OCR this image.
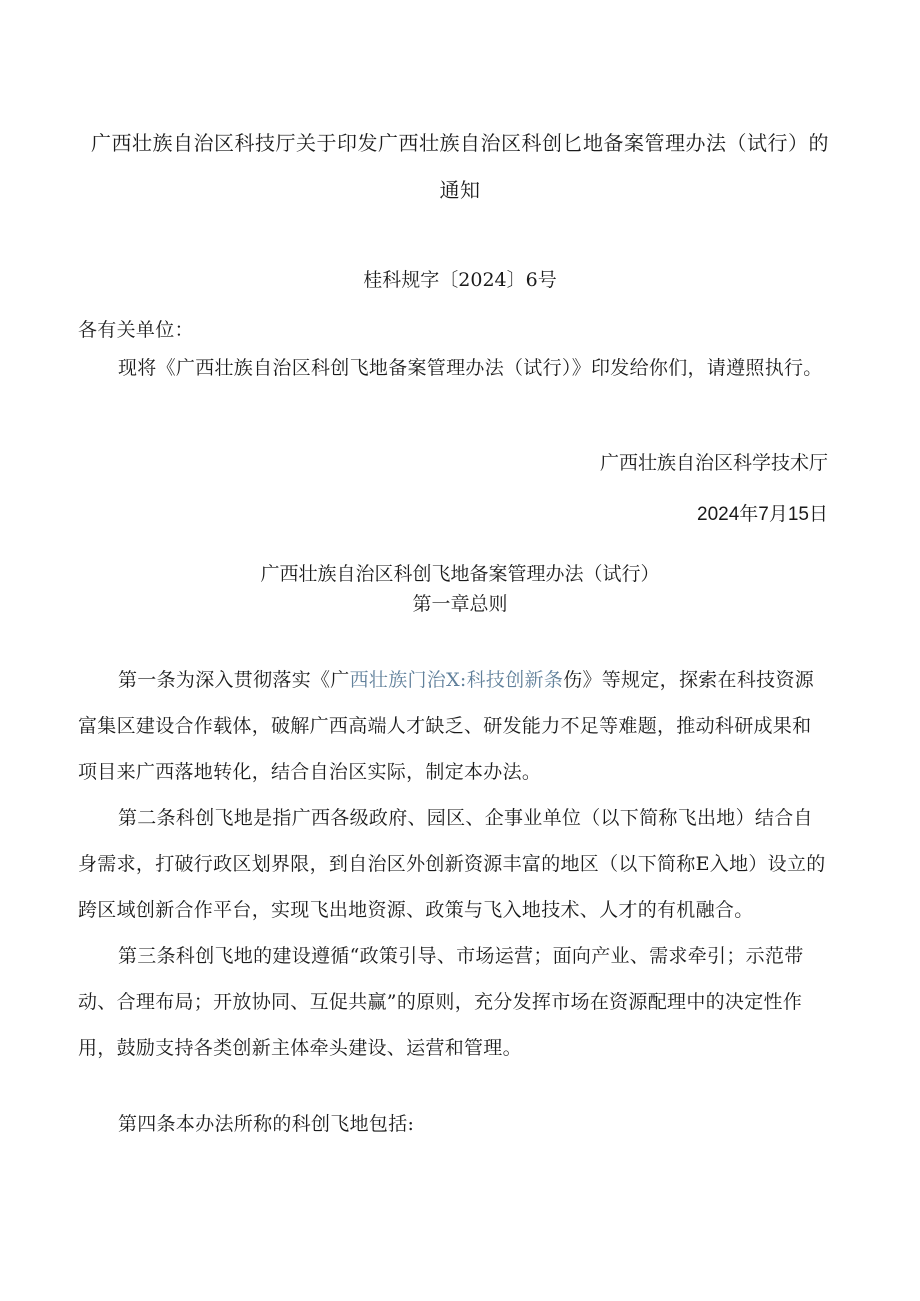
广西壮族自治区科技厅关于印发广西壮族自治区科创匕地备案管理办法（试行）的
通知
桂科规字〔2024〕6号

各有关单位：

现将《广西壮族自治区科创飞地备案管理办法（试行）》印发给你们，请遵照执行。

广西壮族自治区科学技术厅
2024年7月15日
广西壮族自治区科创飞地备案管理办法（试行）
第一章总则

第一条为深入贯彻落实《广西壮族门治X:科技创新条伤》等规定，探索在科技资源富集区建设合作载体，破解广西高端人才缺乏、研发能力不足等难题，推动科研成果和项目来广西落地转化，结合自治区实际，制定本办法。

第二条科创飞地是指广西各级政府、园区、企事业单位（以下简称飞出地）结合自身需求，打破行政区划界限，到自治区外创新资源丰富的地区（以下简称E入地）设立的跨区域创新合作平台，实现飞出地资源、政策与飞入地技术、人才的有机融合。

第三条科创飞地的建设遵循“政策引导、市场运营；面向产业、需求牵引；示范带动、合理布局；开放协同、互促共赢”的原则，充分发挥市场在资源配理中的决定性作用，鼓励支持各类创新主体牵头建设、运营和管理。

第四条本办法所称的科创飞地包括:
